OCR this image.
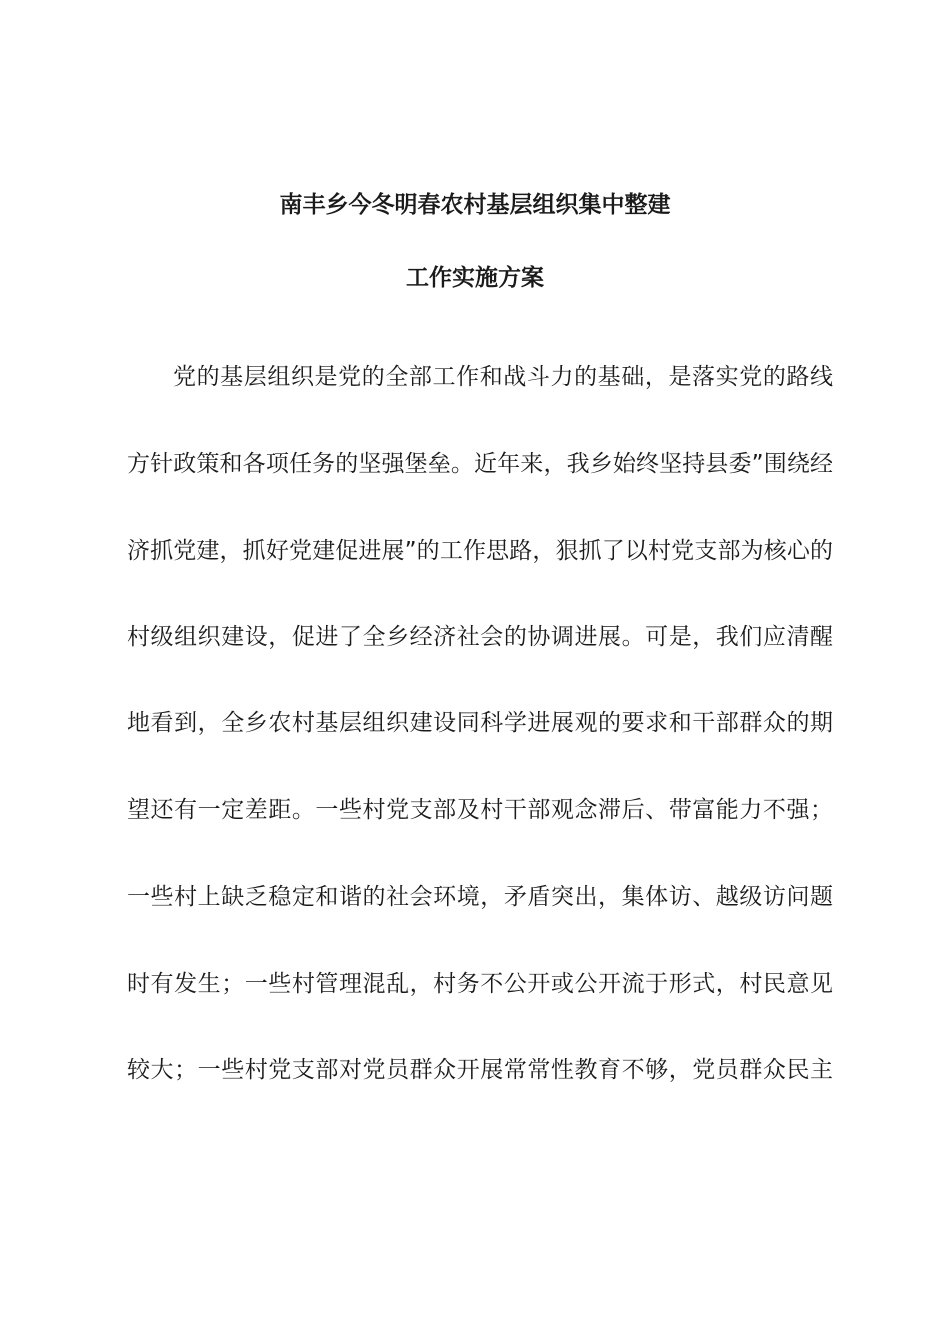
南丰乡今冬明春农村基层组织集中整建
工作实施方案
党的基层组织是党的全部工作和战斗力的基础，是落实党的路线
方针政策和各项任务的坚强堡垒。近年来，我乡始终坚持县委”围绕经
济抓党建，抓好党建促进展”的工作思路，狠抓了以村党支部为核心的
村级组织建设，促进了全乡经济社会的协调进展。可是，我们应清醒
地看到，全乡农村基层组织建设同科学进展观的要求和干部群众的期
望还有一定差距。一些村党支部及村干部观念滞后、带富能力不强；
一些村上缺乏稳定和谐的社会环境，矛盾突出，集体访、越级访问题
时有发生；一些村管理混乱，村务不公开或公开流于形式，村民意见
较大；一些村党支部对党员群众开展常常性教育不够，党员群众民主
